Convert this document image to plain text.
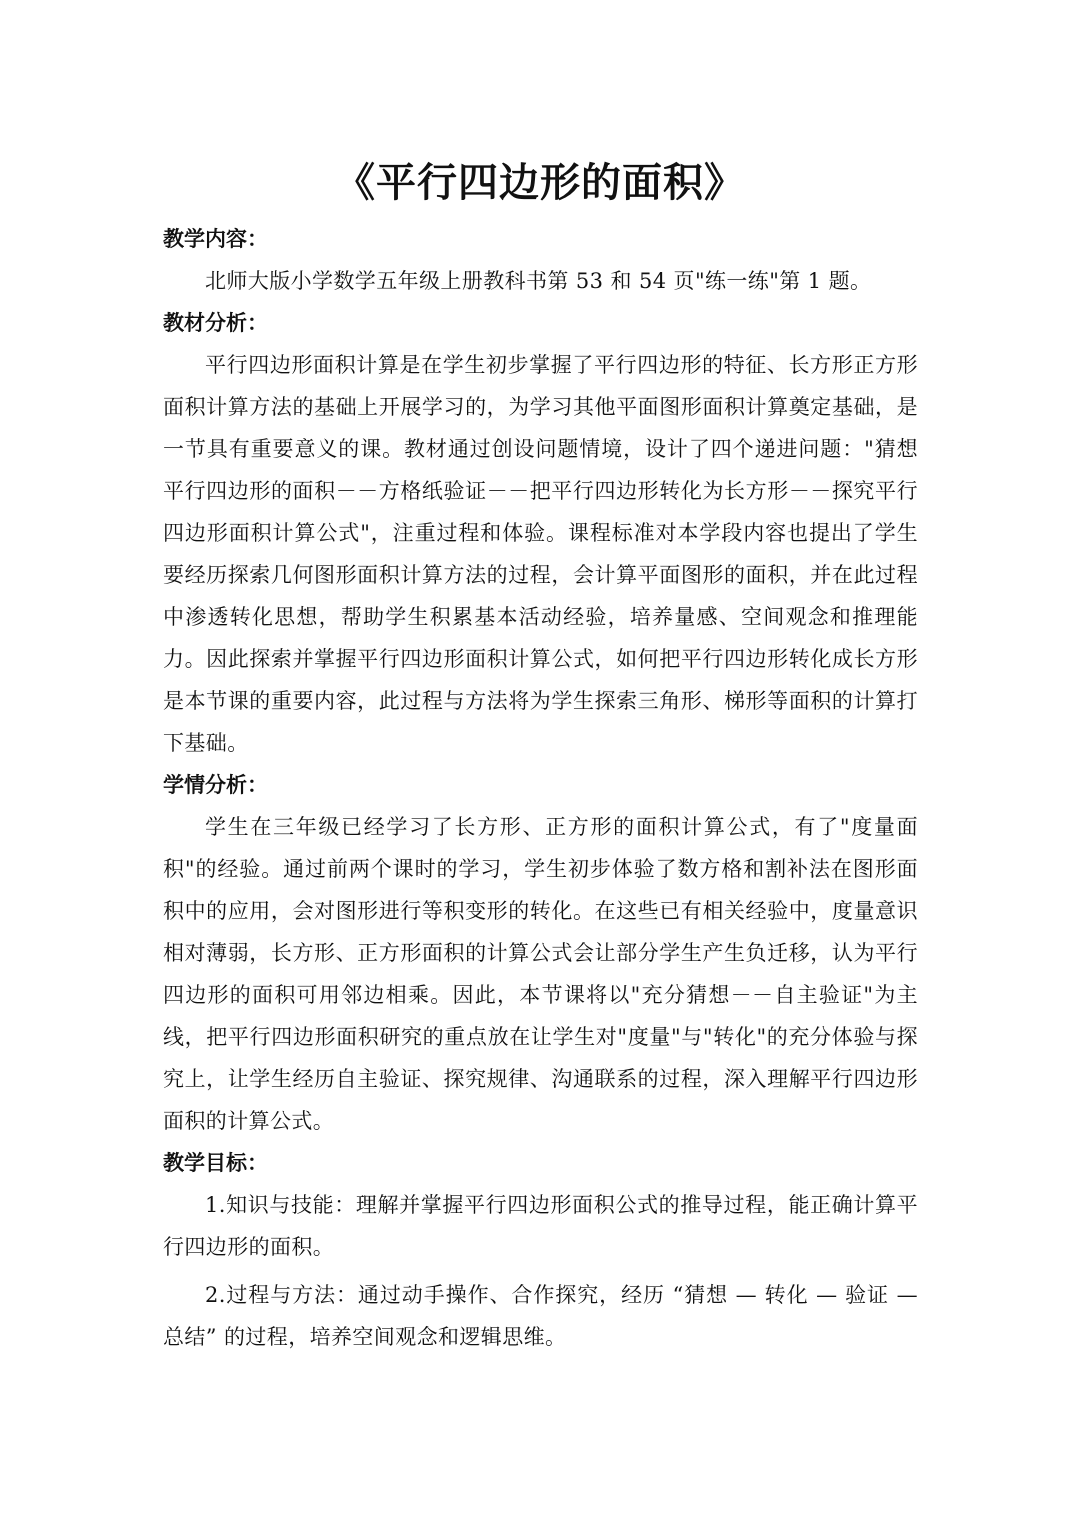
《平行四边形的面积》

教学内容：

北师大版小学数学五年级上册教科书第 53 和 54 页"练一练"第 1 题。

教材分析：

平行四边形面积计算是在学生初步掌握了平行四边形的特征、长方形正方形面积计算方法的基础上开展学习的，为学习其他平面图形面积计算奠定基础，是一节具有重要意义的课。教材通过创设问题情境，设计了四个递进问题："猜想平行四边形的面积－－方格纸验证－－把平行四边形转化为长方形－－探究平行四边形面积计算公式"，注重过程和体验。课程标准对本学段内容也提出了学生要经历探索几何图形面积计算方法的过程，会计算平面图形的面积，并在此过程中渗透转化思想，帮助学生积累基本活动经验，培养量感、空间观念和推理能力。因此探索并掌握平行四边形面积计算公式，如何把平行四边形转化成长方形是本节课的重要内容，此过程与方法将为学生探索三角形、梯形等面积的计算打下基础。

学情分析：

学生在三年级已经学习了长方形、正方形的面积计算公式，有了"度量面积"的经验。通过前两个课时的学习，学生初步体验了数方格和割补法在图形面积中的应用，会对图形进行等积变形的转化。在这些已有相关经验中，度量意识相对薄弱，长方形、正方形面积的计算公式会让部分学生产生负迁移，认为平行四边形的面积可用邻边相乘。因此，本节课将以"充分猜想－－自主验证"为主线，把平行四边形面积研究的重点放在让学生对"度量"与"转化"的充分体验与探究上，让学生经历自主验证、探究规律、沟通联系的过程，深入理解平行四边形面积的计算公式。

教学目标：

1.知识与技能：理解并掌握平行四边形面积公式的推导过程，能正确计算平行四边形的面积。

2.过程与方法：通过动手操作、合作探究，经历 “猜想 — 转化 — 验证 — 总结” 的过程，培养空间观念和逻辑思维。
